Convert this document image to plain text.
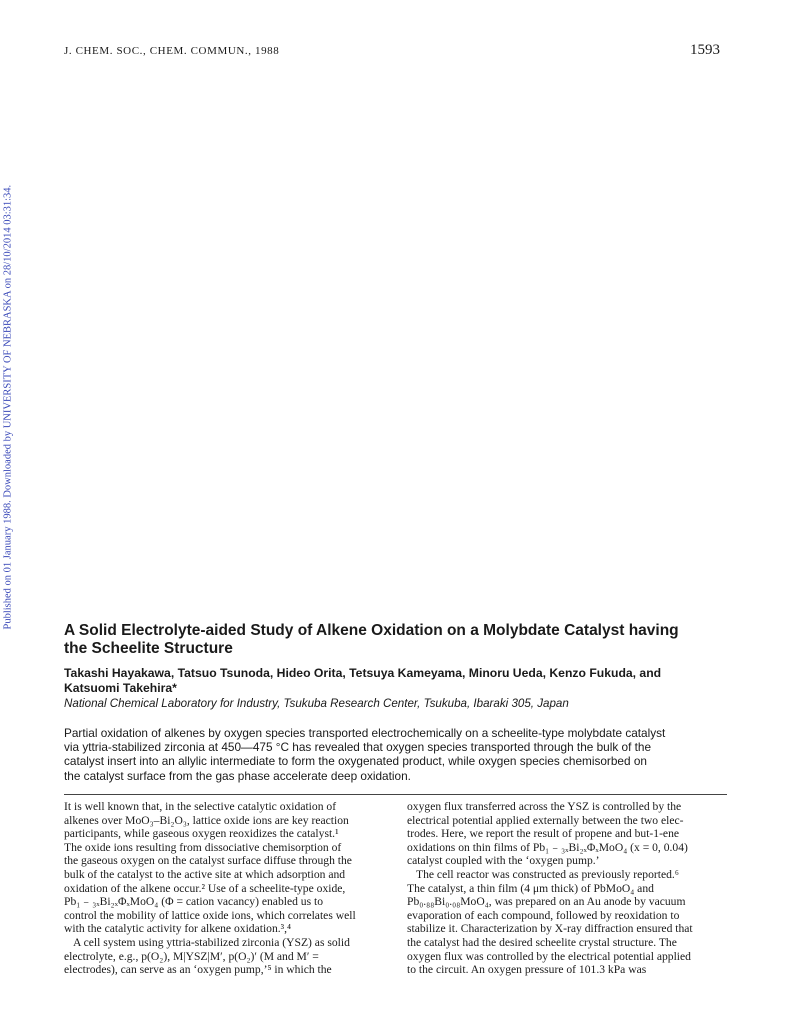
J. CHEM. SOC., CHEM. COMMUN., 1988	1593
Published on 01 January 1988. Downloaded by UNIVERSITY OF NEBRASKA on 28/10/2014 03:31:34.
A Solid Electrolyte-aided Study of Alkene Oxidation on a Molybdate Catalyst having
the Scheelite Structure
Takashi Hayakawa, Tatsuo Tsunoda, Hideo Orita, Tetsuya Kameyama, Minoru Ueda, Kenzo Fukuda, and
Katsuomi Takehira*
National Chemical Laboratory for Industry, Tsukuba Research Center, Tsukuba, Ibaraki 305, Japan
Partial oxidation of alkenes by oxygen species transported electrochemically on a scheelite-type molybdate catalyst
via yttria-stabilized zirconia at 450—475 °C has revealed that oxygen species transported through the bulk of the
catalyst insert into an allylic intermediate to form the oxygenated product, while oxygen species chemisorbed on
the catalyst surface from the gas phase accelerate deep oxidation.
It is well known that, in the selective catalytic oxidation of
alkenes over MoO₃–Bi₂O₃, lattice oxide ions are key reaction
participants, while gaseous oxygen reoxidizes the catalyst.¹
The oxide ions resulting from dissociative chemisorption of
the gaseous oxygen on the catalyst surface diffuse through the
bulk of the catalyst to the active site at which adsorption and
oxidation of the alkene occur.² Use of a scheelite-type oxide,
Pb₁ ₋ ₃ₓBi₂ₓΦₓMoO₄ (Φ = cation vacancy) enabled us to
control the mobility of lattice oxide ions, which correlates well
with the catalytic activity for alkene oxidation.³,⁴
A cell system using yttria-stabilized zirconia (YSZ) as solid
electrolyte, e.g., p(O₂), M|YSZ|M′, p(O₂)′ (M and M′ =
electrodes), can serve as an ‘oxygen pump,’⁵ in which the
oxygen flux transferred across the YSZ is controlled by the
electrical potential applied externally between the two elec-
trodes. Here, we report the result of propene and but-1-ene
oxidations on thin films of Pb₁ ₋ ₃ₓBi₂ₓΦₓMoO₄ (x = 0, 0.04)
catalyst coupled with the ‘oxygen pump.’
The cell reactor was constructed as previously reported.⁶
The catalyst, a thin film (4 μm thick) of PbMoO₄ and
Pb₀.₈₈Bi₀.₀₈MoO₄, was prepared on an Au anode by vacuum
evaporation of each compound, followed by reoxidation to
stabilize it. Characterization by X-ray diffraction ensured that
the catalyst had the desired scheelite crystal structure. The
oxygen flux was controlled by the electrical potential applied
to the circuit. An oxygen pressure of 101.3 kPa was
